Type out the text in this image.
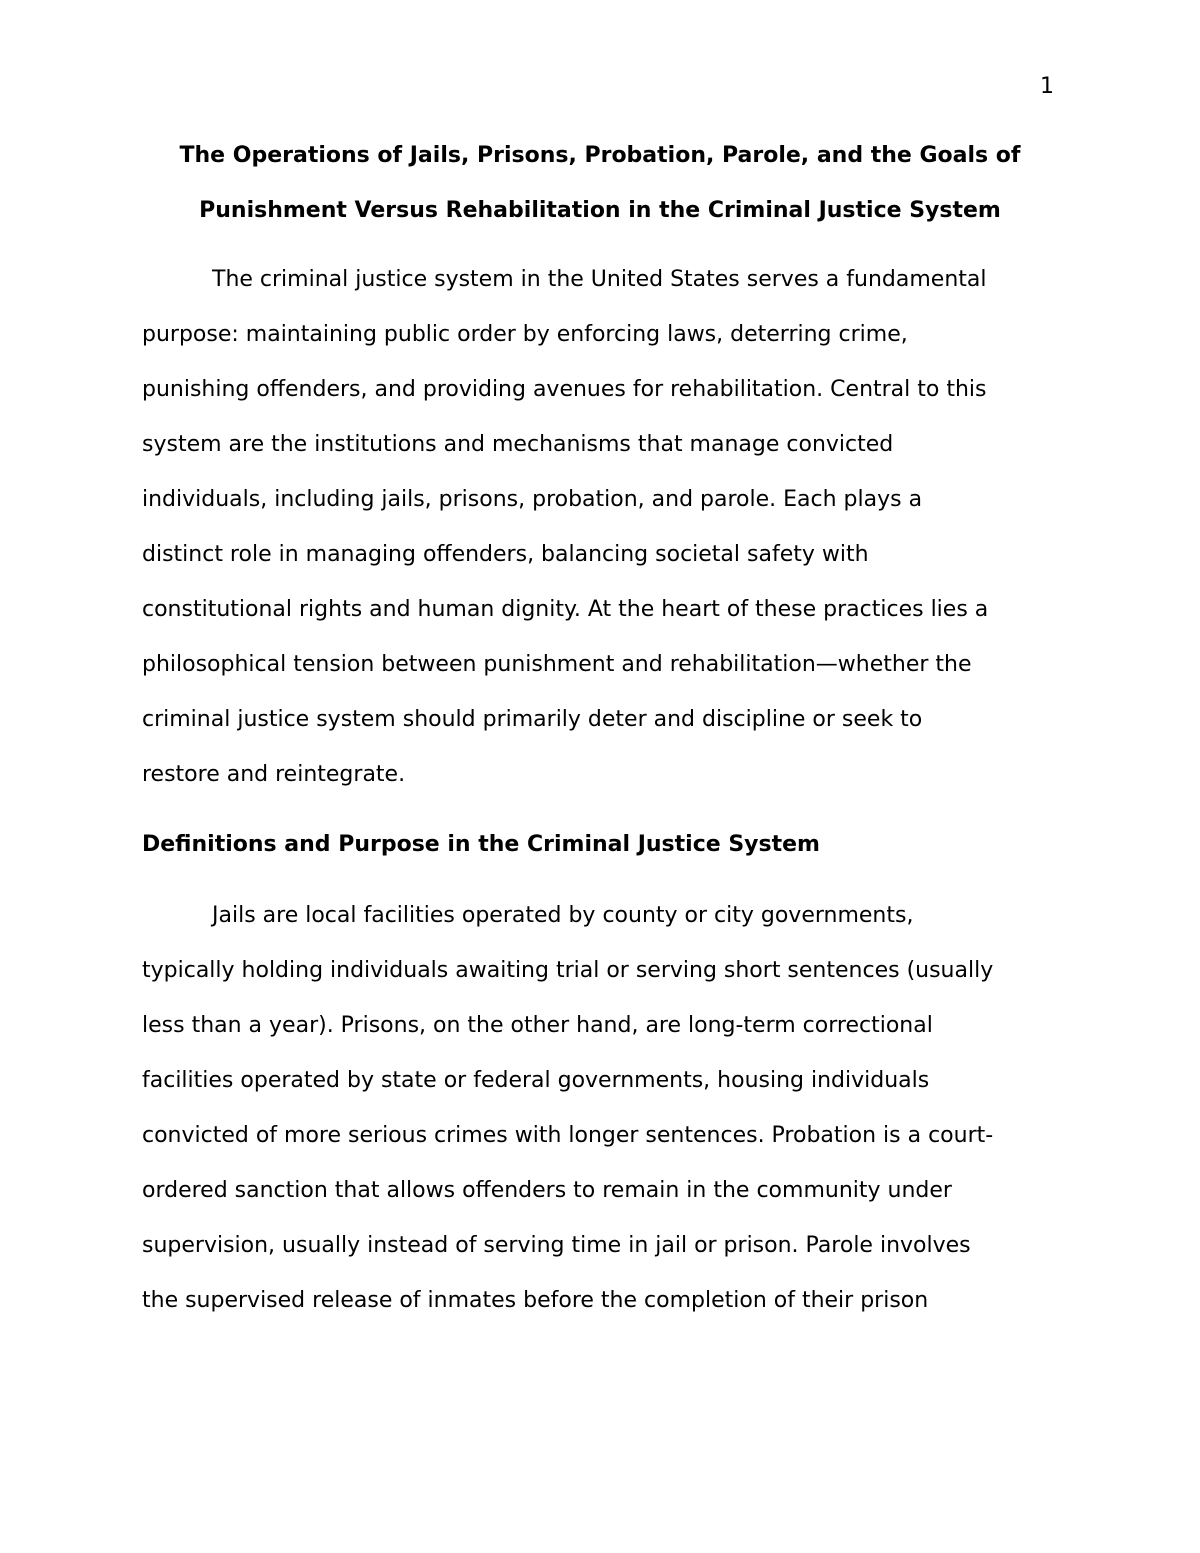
1
The Operations of Jails, Prisons, Probation, Parole, and the Goals of
Punishment Versus Rehabilitation in the Criminal Justice System

The criminal justice system in the United States serves a fundamental
purpose: maintaining public order by enforcing laws, deterring crime,
punishing offenders, and providing avenues for rehabilitation. Central to this
system are the institutions and mechanisms that manage convicted
individuals, including jails, prisons, probation, and parole. Each plays a
distinct role in managing offenders, balancing societal safety with
constitutional rights and human dignity. At the heart of these practices lies a
philosophical tension between punishment and rehabilitation—whether the
criminal justice system should primarily deter and discipline or seek to
restore and reintegrate.

Definitions and Purpose in the Criminal Justice System

Jails are local facilities operated by county or city governments,
typically holding individuals awaiting trial or serving short sentences (usually
less than a year). Prisons, on the other hand, are long-term correctional
facilities operated by state or federal governments, housing individuals
convicted of more serious crimes with longer sentences. Probation is a court-
ordered sanction that allows offenders to remain in the community under
supervision, usually instead of serving time in jail or prison. Parole involves
the supervised release of inmates before the completion of their prison
